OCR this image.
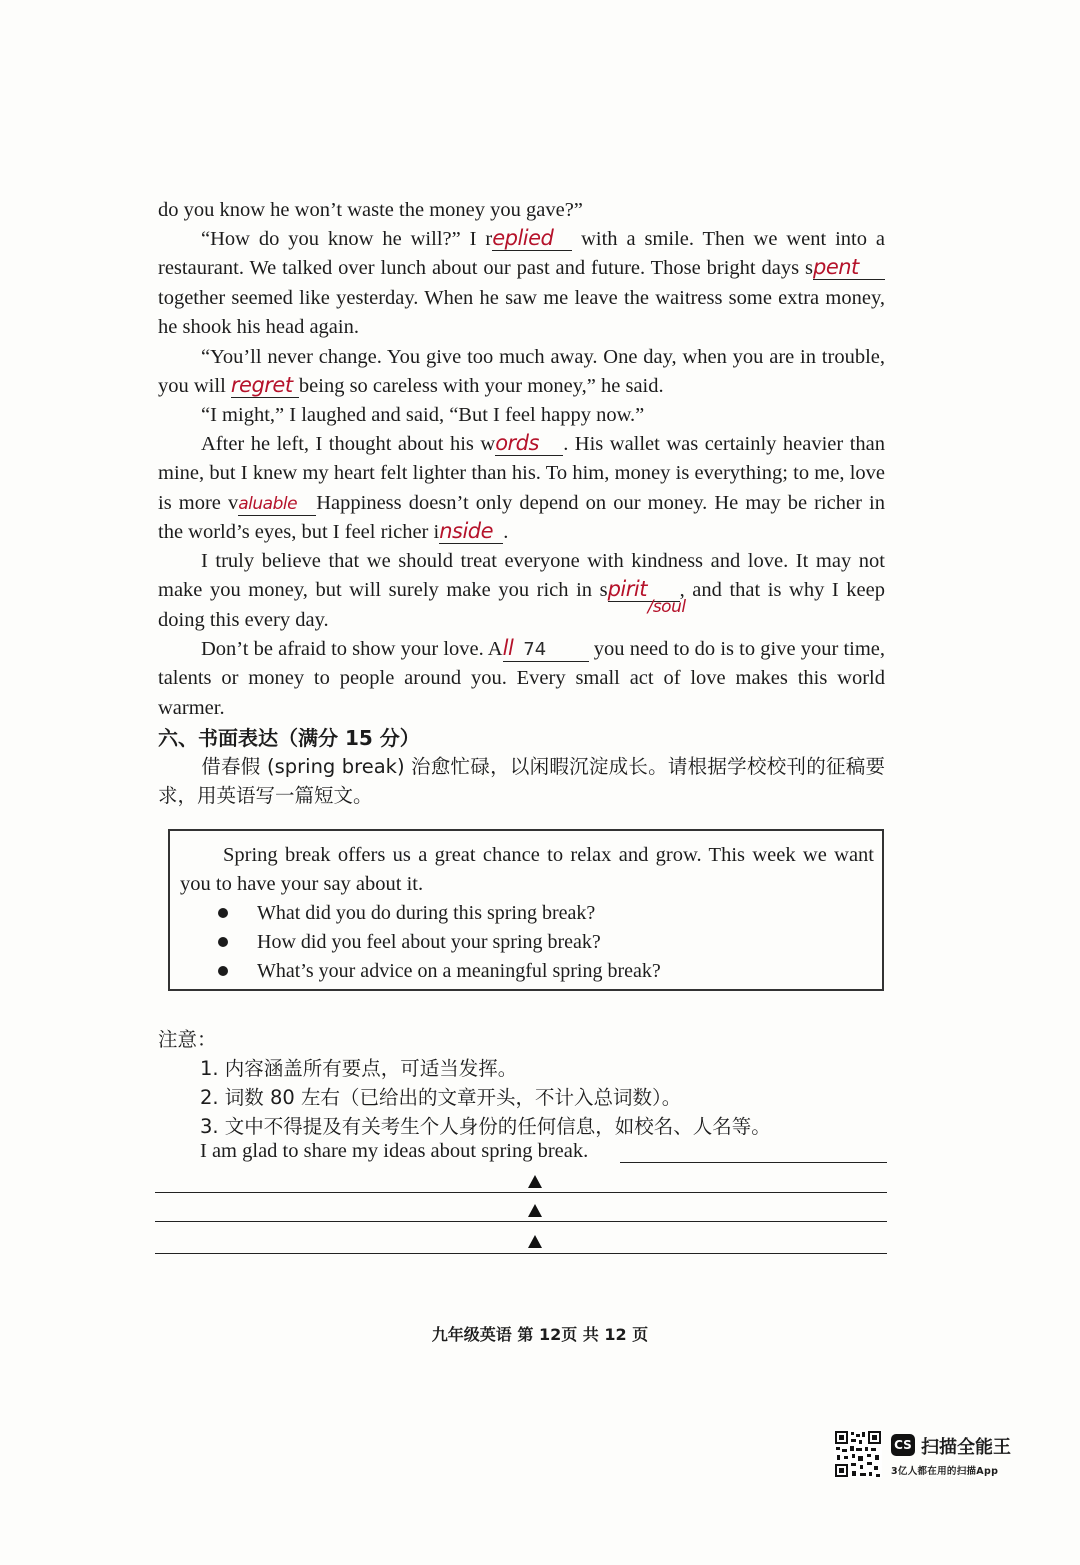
do you know he won’t waste the money you gave?”
“How do you know he will?” I replied with a smile. Then we went into a restaurant. We talked over lunch about our past and future. Those bright days spent together seemed like yesterday. When he saw me leave the waitress some extra money, he shook his head again.
“You’ll never change. You give too much away. One day, when you are in trouble, you will regret being so careless with your money,” he said.
“I might,” I laughed and said, “But I feel happy now.”
After he left, I thought about his words . His wallet was certainly heavier than mine, but I knew my heart felt lighter than his. To him, money is everything; to me, love is more valuable Happiness doesn’t only depend on our money. He may be richer in the world’s eyes, but I feel richer inside .
I truly believe that we should treat everyone with kindness and love. It may not make you money, but will surely make you rich in spirit
/soul
, and that is why I keep doing this every day.
Don’t be afraid to show your love. All 74 you need to do is to give your time, talents or money to people around you. Every small act of love makes this world warmer.
六、书面表达（满分 15 分）
借春假 (spring break) 治愈忙碌，以闲暇沉淀成长。请根据学校校刊的征稿要求，用英语写一篇短文。
Spring break offers us a great chance to relax and grow. This week we want you to have your say about it.
What did you do during this spring break?
How did you feel about your spring break?
What’s your advice on a meaningful spring break?
注意：
1. 内容涵盖所有要点，可适当发挥。
2. 词数 80 左右（已给出的文章开头，不计入总词数）。
3. 文中不得提及有关考生个人身份的任何信息，如校名、人名等。
I am glad to share my ideas about spring break.
九年级英语 第 12页 共 12 页
CS 扫描全能王
3亿人都在用的扫描App
